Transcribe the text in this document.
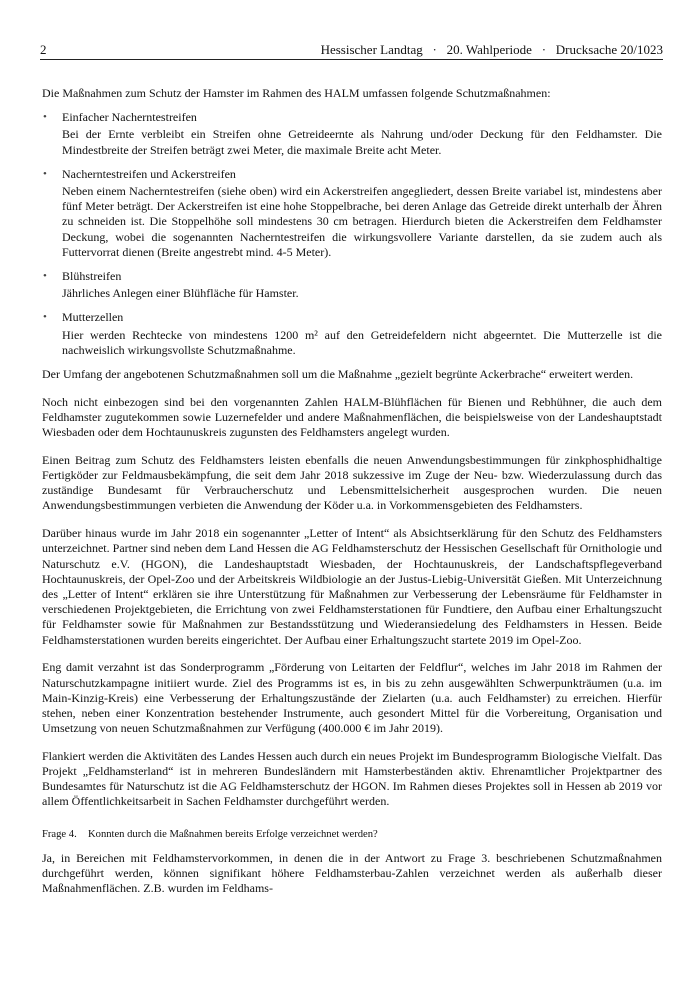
2	Hessischer Landtag   ·   20. Wahlperiode   ·   Drucksache 20/1023

Die Maßnahmen zum Schutz der Hamster im Rahmen des HALM umfassen folgende Schutzmaßnahmen:

• Einfacher Nacherntestreifen

Bei der Ernte verbleibt ein Streifen ohne Getreideernte als Nahrung und/oder Deckung für den Feldhamster. Die Mindestbreite der Streifen beträgt zwei Meter, die maximale Breite acht Meter.

• Nacherntestreifen und Ackerstreifen

Neben einem Nacherntestreifen (siehe oben) wird ein Ackerstreifen angegliedert, dessen Breite variabel ist, mindestens aber fünf Meter beträgt. Der Ackerstreifen ist eine hohe Stoppelbrache, bei deren Anlage das Getreide direkt unterhalb der Ähren zu schneiden ist. Die Stoppelhöhe soll mindestens 30 cm betragen. Hierdurch bieten die Ackerstreifen dem Feldhamster Deckung, wobei die sogenannten Nacherntestreifen die wirkungsvollere Variante darstellen, da sie zudem auch als Futtervorrat dienen (Breite angestrebt mind. 4-5 Meter).

• Blühstreifen

Jährliches Anlegen einer Blühfläche für Hamster.

• Mutterzellen

Hier werden Rechtecke von mindestens 1200 m² auf den Getreidefeldern nicht abgeerntet. Die Mutterzelle ist die nachweislich wirkungsvollste Schutzmaßnahme.

Der Umfang der angebotenen Schutzmaßnahmen soll um die Maßnahme „gezielt begrünte Ackerbrache“ erweitert werden.

Noch nicht einbezogen sind bei den vorgenannten Zahlen HALM-Blühflächen für Bienen und Rebhühner, die auch dem Feldhamster zugutekommen sowie Luzernefelder und andere Maßnahmenflächen, die beispielsweise von der Landeshauptstadt Wiesbaden oder dem Hochtaunuskreis zugunsten des Feldhamsters angelegt wurden.

Einen Beitrag zum Schutz des Feldhamsters leisten ebenfalls die neuen Anwendungsbestimmungen für zinkphosphidhaltige Fertigköder zur Feldmausbekämpfung, die seit dem Jahr 2018 sukzessive im Zuge der Neu- bzw. Wiederzulassung durch das zuständige Bundesamt für Verbraucherschutz und Lebensmittelsicherheit ausgesprochen wurden. Die neuen Anwendungsbestimmungen verbieten die Anwendung der Köder u.a. in Vorkommensgebieten des Feldhamsters.

Darüber hinaus wurde im Jahr 2018 ein sogenannter „Letter of Intent“ als Absichtserklärung für den Schutz des Feldhamsters unterzeichnet. Partner sind neben dem Land Hessen die AG Feldhamsterschutz der Hessischen Gesellschaft für Ornithologie und Naturschutz e.V. (HGON), die Landeshauptstadt Wiesbaden, der Hochtaunuskreis, der Landschaftspflegeverband Hochtaunuskreis, der Opel-Zoo und der Arbeitskreis Wildbiologie an der Justus-Liebig-Universität Gießen. Mit Unterzeichnung des „Letter of Intent“ erklären sie ihre Unterstützung für Maßnahmen zur Verbesserung der Lebensräume für Feldhamster in verschiedenen Projektgebieten, die Errichtung von zwei Feldhamsterstationen für Fundtiere, den Aufbau einer Erhaltungszucht für Feldhamster sowie für Maßnahmen zur Bestandsstützung und Wiederansiedelung des Feldhamsters in Hessen. Beide Feldhamsterstationen wurden bereits eingerichtet. Der Aufbau einer Erhaltungszucht startete 2019 im Opel-Zoo.

Eng damit verzahnt ist das Sonderprogramm „Förderung von Leitarten der Feldflur“, welches im Jahr 2018 im Rahmen der Naturschutzkampagne initiiert wurde. Ziel des Programms ist es, in bis zu zehn ausgewählten Schwerpunkträumen (u.a. im Main-Kinzig-Kreis) eine Verbesserung der Erhaltungszustände der Zielarten (u.a. auch Feldhamster) zu erreichen. Hierfür stehen, neben einer Konzentration bestehender Instrumente, auch gesondert Mittel für die Vorbereitung, Organisation und Umsetzung von neuen Schutzmaßnahmen zur Verfügung (400.000 € im Jahr 2019).

Flankiert werden die Aktivitäten des Landes Hessen auch durch ein neues Projekt im Bundesprogramm Biologische Vielfalt. Das Projekt „Feldhamsterland“ ist in mehreren Bundesländern mit Hamsterbeständen aktiv. Ehrenamtlicher Projektpartner des Bundesamtes für Naturschutz ist die AG Feldhamsterschutz der HGON. Im Rahmen dieses Projektes soll in Hessen ab 2019 vor allem Öffentlichkeitsarbeit in Sachen Feldhamster durchgeführt werden.

Frage 4. Konnten durch die Maßnahmen bereits Erfolge verzeichnet werden?

Ja, in Bereichen mit Feldhamstervorkommen, in denen die in der Antwort zu Frage 3. beschriebenen Schutzmaßnahmen durchgeführt werden, können signifikant höhere Feldhamsterbau-Zahlen verzeichnet werden als außerhalb dieser Maßnahmenflächen. Z.B. wurden im Feldhams-
